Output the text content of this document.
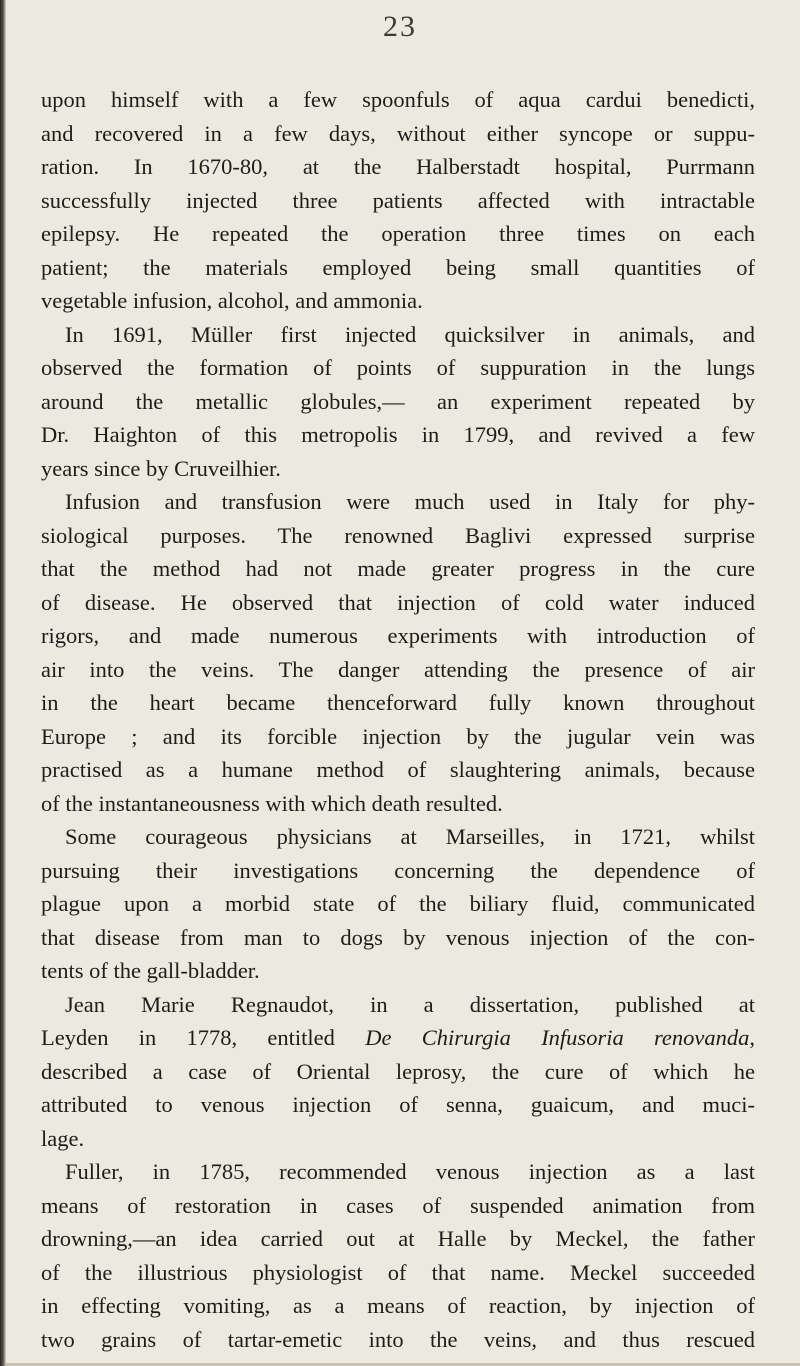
23
upon himself with a few spoonfuls of aqua cardui benedicti,
and recovered in a few days, without either syncope or suppu-
ration. In 1670-80, at the Halberstadt hospital, Purrmann
successfully injected three patients affected with intractable
epilepsy. He repeated the operation three times on each
patient; the materials employed being small quantities of
vegetable infusion, alcohol, and ammonia.
In 1691, Müller first injected quicksilver in animals, and
observed the formation of points of suppuration in the lungs
around the metallic globules,— an experiment repeated by
Dr. Haighton of this metropolis in 1799, and revived a few
years since by Cruveilhier.
Infusion and transfusion were much used in Italy for phy-
siological purposes. The renowned Baglivi expressed surprise
that the method had not made greater progress in the cure
of disease. He observed that injection of cold water induced
rigors, and made numerous experiments with introduction of
air into the veins. The danger attending the presence of air
in the heart became thenceforward fully known throughout
Europe ; and its forcible injection by the jugular vein was
practised as a humane method of slaughtering animals, because
of the instantaneousness with which death resulted.
Some courageous physicians at Marseilles, in 1721, whilst
pursuing their investigations concerning the dependence of
plague upon a morbid state of the biliary fluid, communicated
that disease from man to dogs by venous injection of the con-
tents of the gall-bladder.
Jean Marie Regnaudot, in a dissertation, published at
Leyden in 1778, entitled De Chirurgia Infusoria renovanda,
described a case of Oriental leprosy, the cure of which he
attributed to venous injection of senna, guaicum, and muci-
lage.
Fuller, in 1785, recommended venous injection as a last
means of restoration in cases of suspended animation from
drowning,—an idea carried out at Halle by Meckel, the father
of the illustrious physiologist of that name. Meckel succeeded
in effecting vomiting, as a means of reaction, by injection of
two grains of tartar-emetic into the veins, and thus rescued
